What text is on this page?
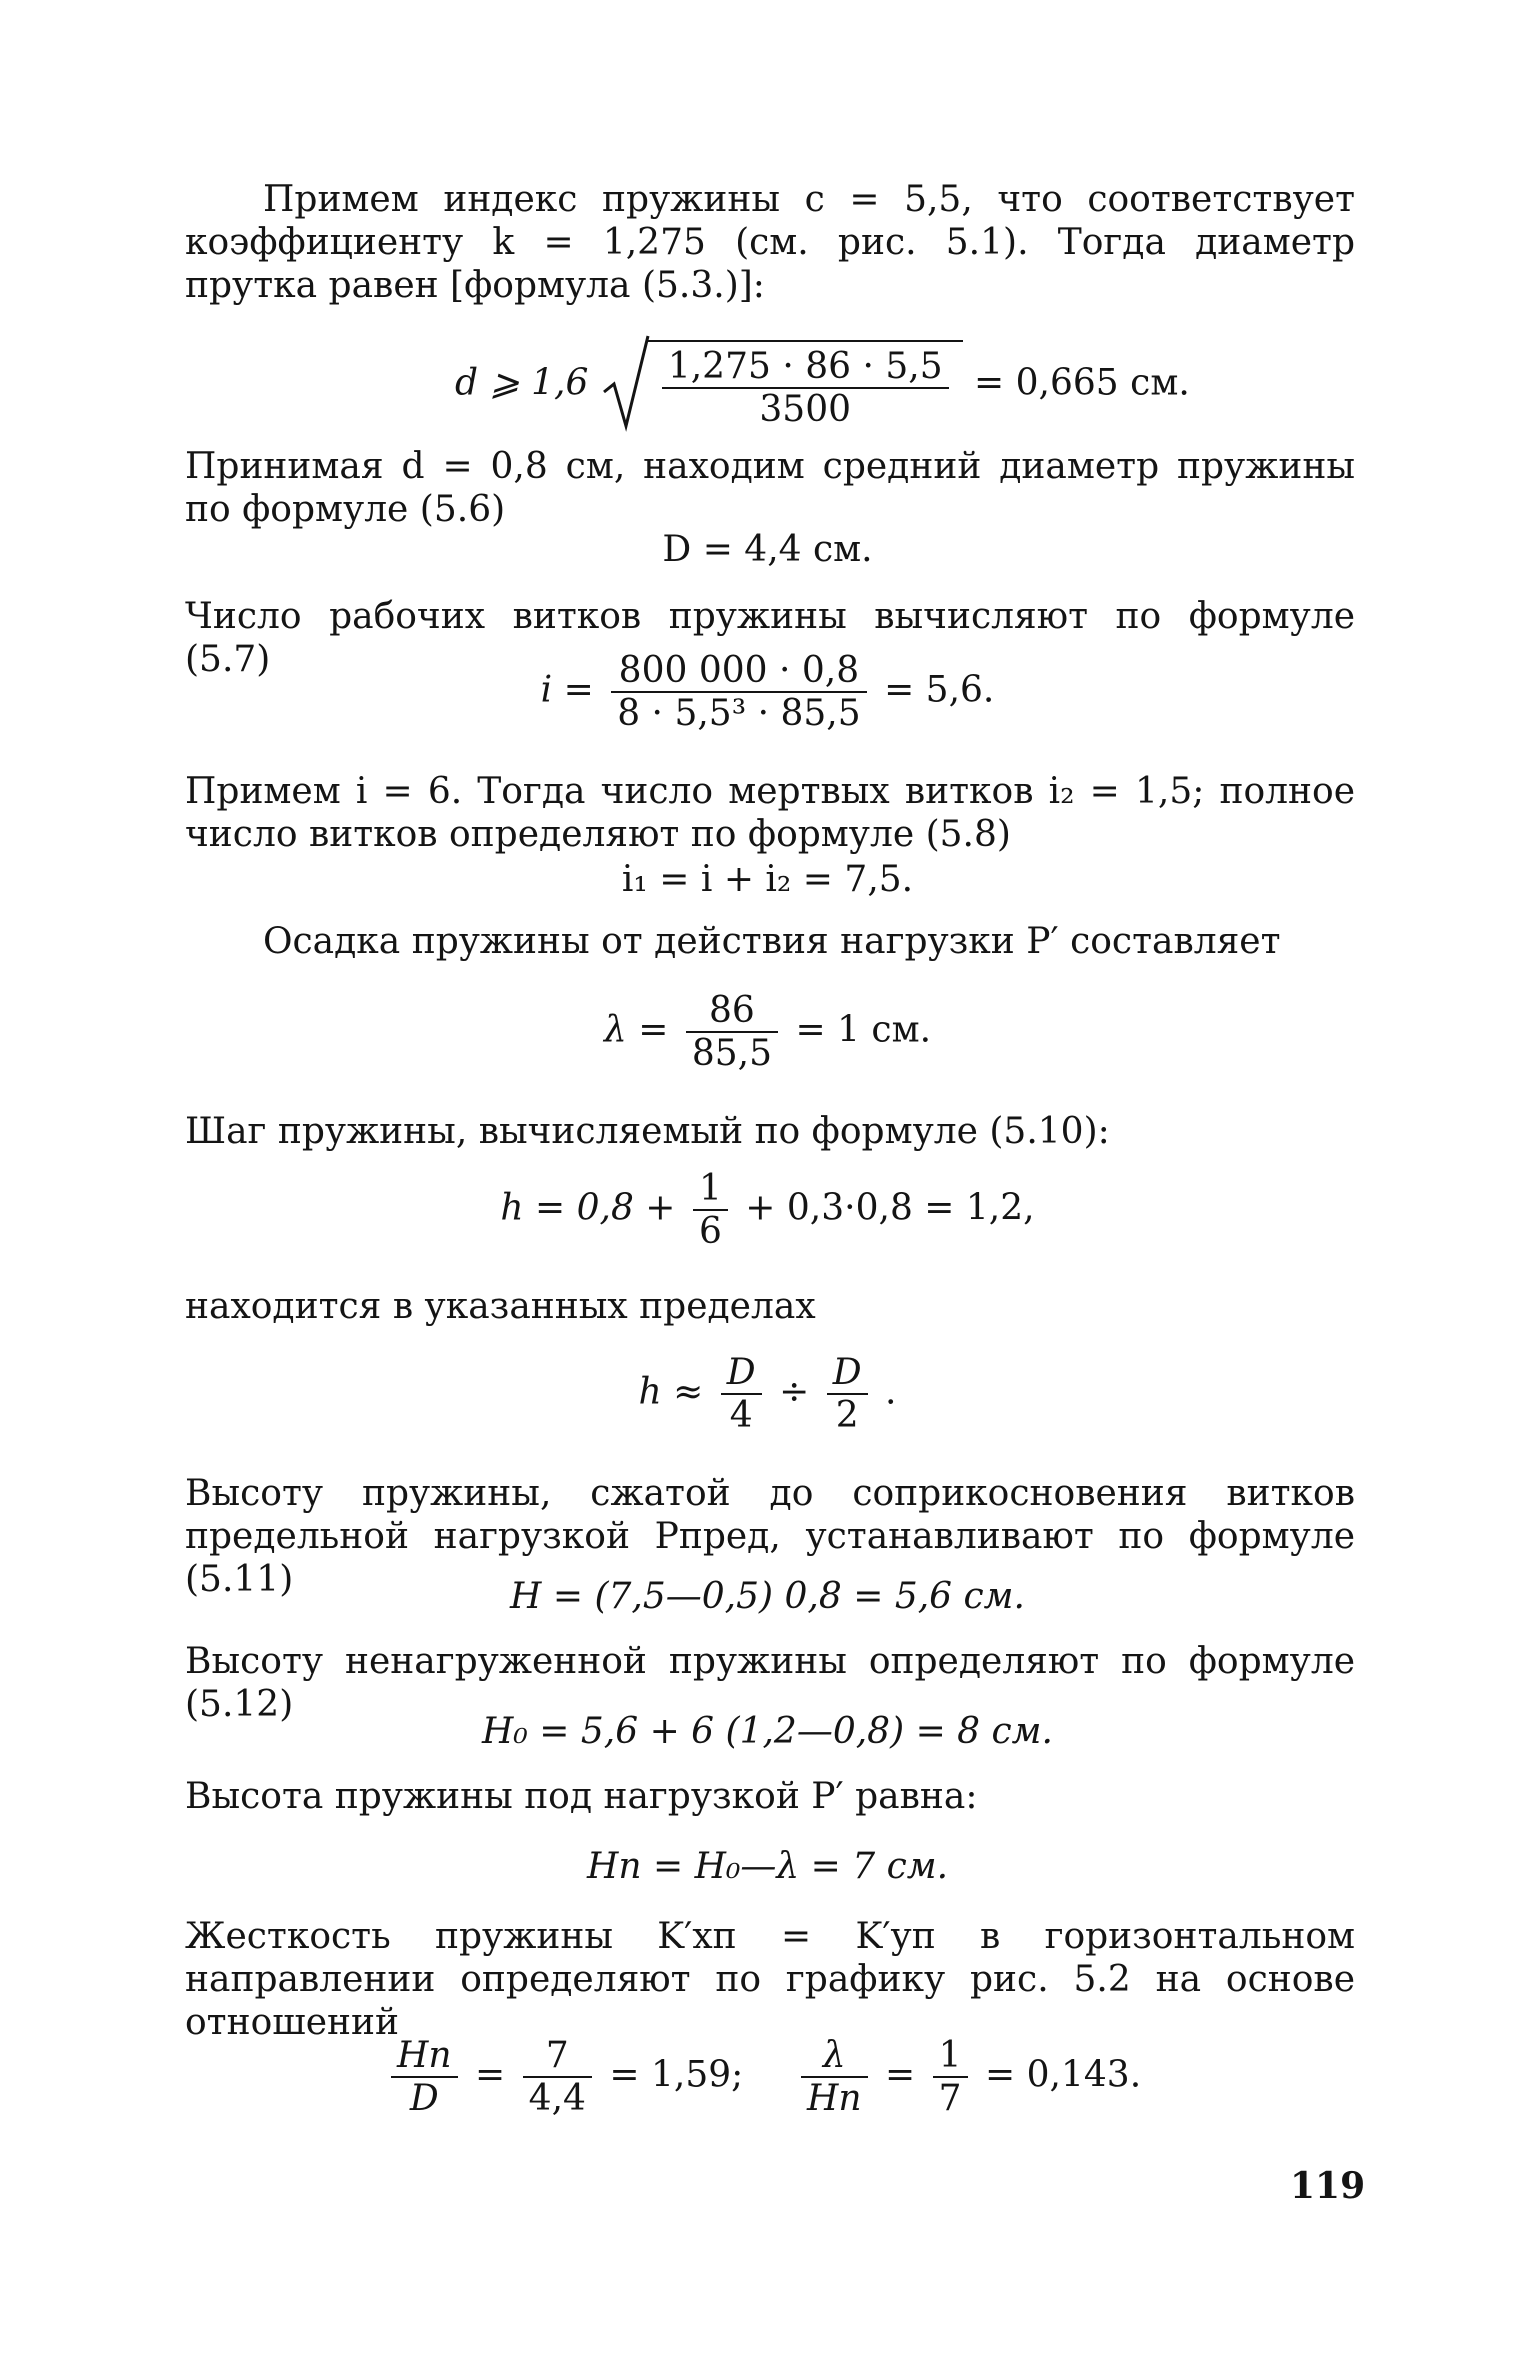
Примем индекс пружины c = 5,5, что соответствует коэффициенту k = 1,275 (см. рис. 5.1). Тогда диаметр прутка равен [формула (5.3.)]:
d ⩾ $1,6 \frac{1,275 \cdot 86 \cdot 5,5}{3500} = 0,665$ см.
Принимая d = 0,8 см, находим средний диаметр пружины по формуле (5.6)
D = 4,4 см.
Число рабочих витков пружины вычисляют по формуле (5.7)
$i = \frac{800 000 \cdot 0,8}{\text{8 · 5,5³ · 85,5}} = 5,6$.
Примем i = 6. Тогда число мертвых витков i₂ = 1,5; полное число витков определяют по формуле (5.8)
i₁ = i + i₂ = 7,5.
Осадка пружины от действия нагрузки P′ составляет
$\lambda = \frac{86}{85,5} = 1$ см.
Шаг пружины, вычисляемый по формуле (5.10):
$h = 0,8 + \frac{1}{6} + 0,3\cdot 0,8 = 1,2$,
находится в указанных пределах
$h \approx \frac{D}{4} \div \frac{D}{2}$ .
Высоту пружины, сжатой до соприкосновения витков предельной нагрузкой Pпред, устанавливают по формуле (5.11)	H = (7,5—0,5) 0,8 = 5,6 см.
Высоту ненагруженной пружины определяют по формуле (5.12)
H₀ = 5,6 + 6 (1,2—0,8) = 8 см.
Высота пружины под нагрузкой P′ равна:
Hп = H₀—λ = 7 см.
Жесткость пружины K′хп = K′уп в горизонтальном направлении определяют по графику рис. 5.2 на основе отношений
$\frac{Hп}{D} = \frac{7}{4,4} = 1,59$; $\frac{\lambda}{Hп} = \frac{1}{7} = 0,143$.
119
